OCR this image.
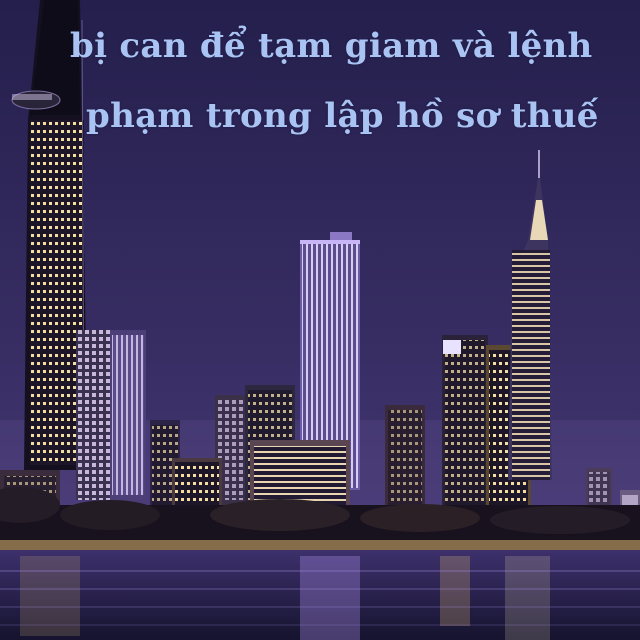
bị can để tạm giam và lệnh
phạm trong lập hồ sơ thuế
